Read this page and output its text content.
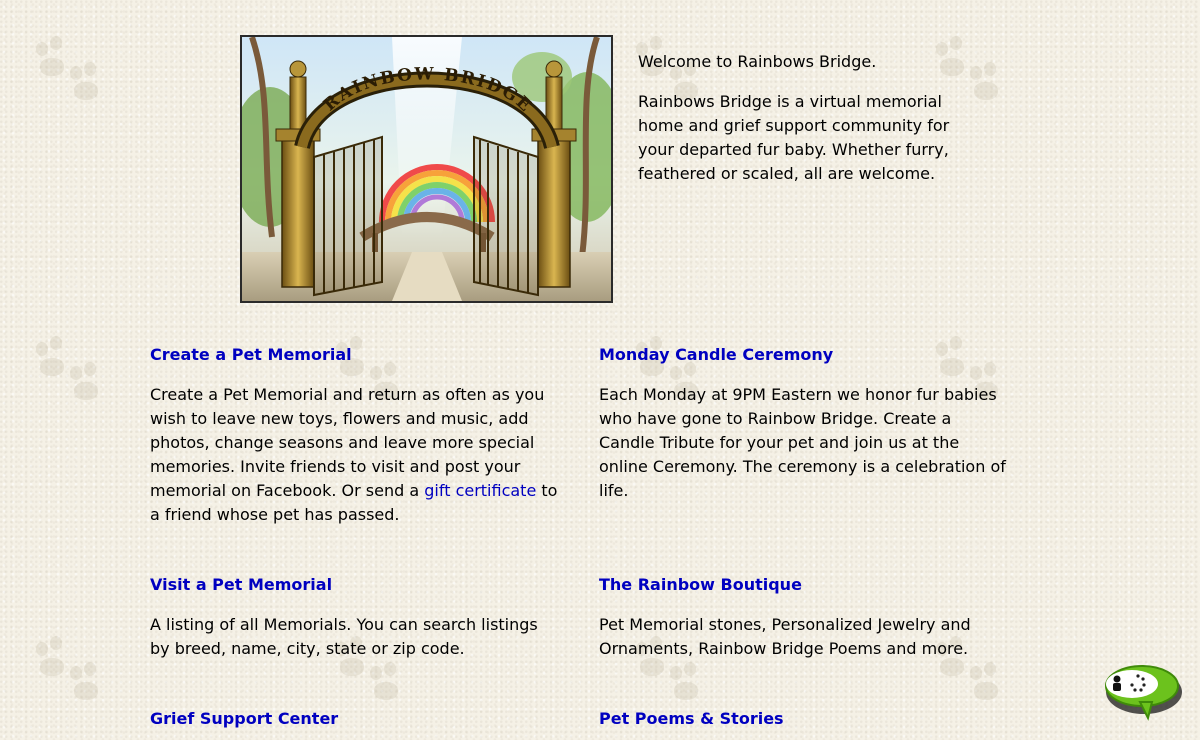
RAINBOW BRIDGE

Welcome to Rainbows Bridge.

Rainbows Bridge is a virtual memorial home and grief support community for your departed fur baby. Whether furry, feathered or scaled, all are welcome.

Create a Pet Memorial

Create a Pet Memorial and return as often as you wish to leave new toys, flowers and music, add photos, change seasons and leave more special memories. Invite friends to visit and post your memorial on Facebook. Or send a gift certificate to a friend whose pet has passed.

Monday Candle Ceremony

Each Monday at 9PM Eastern we honor fur babies who have gone to Rainbow Bridge. Create a Candle Tribute for your pet and join us at the online Ceremony. The ceremony is a celebration of life.

Visit a Pet Memorial

A listing of all Memorials. You can search listings by breed, name, city, state or zip code.

The Rainbow Boutique

Pet Memorial stones, Personalized Jewelry and Ornaments, Rainbow Bridge Poems and more.

Grief Support Center	Pet Poems & Stories
